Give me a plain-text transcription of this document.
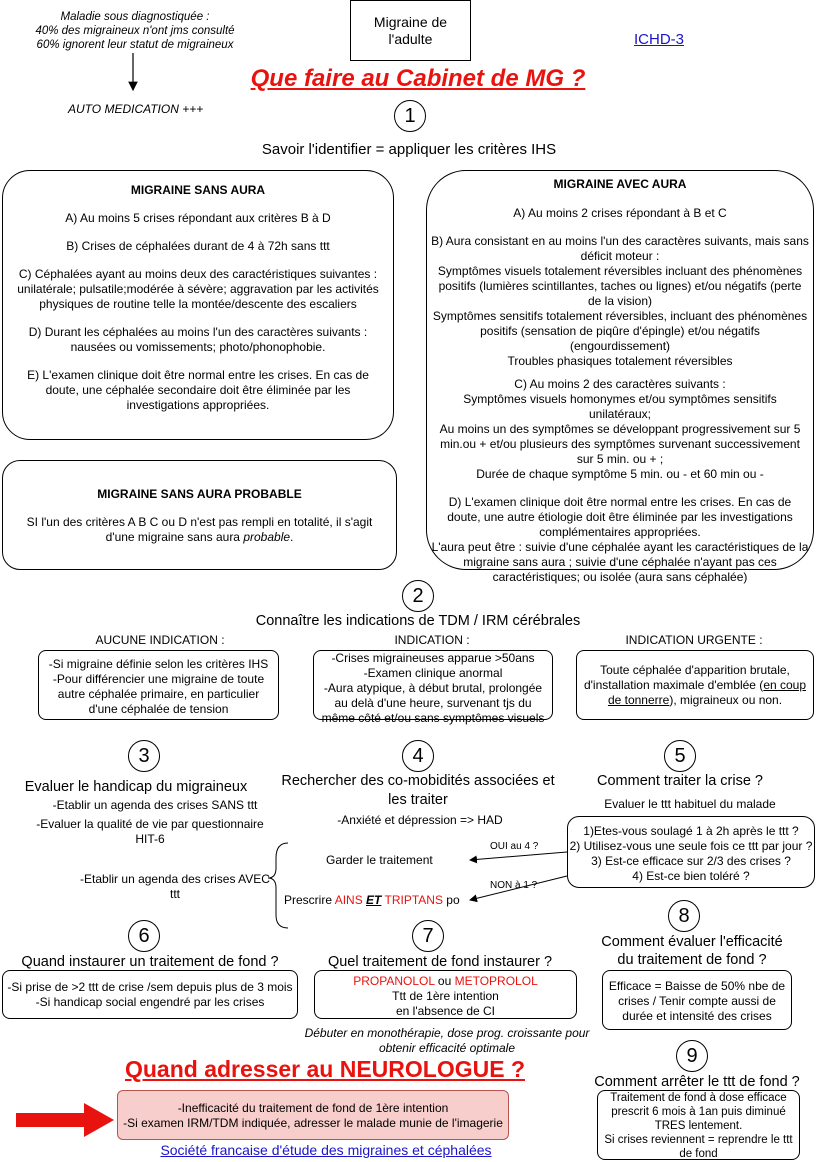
Maladie sous diagnostiquée :
40% des migraineux n'ont jms consulté
60% ignorent leur statut de migraineux
AUTO MEDICATION +++
Migraine de
l'adulte	ICHD-3
Que faire au Cabinet de MG ?
1
Savoir l'identifier = appliquer les critères IHS
MIGRAINE SANS AURA
A) Au moins 5 crises répondant aux critères B à D
B) Crises de céphalées durant de 4 à 72h sans ttt
C) Céphalées ayant au moins deux des caractéristiques suivantes : unilatérale; pulsatile;modérée à sévère; aggravation par les activités physiques de routine telle la montée/descente des escaliers
D) Durant les céphalées au moins l'un des caractères suivants : nausées ou vomissements; photo/phonophobie.
E) L'examen clinique doit être normal entre les crises. En cas de doute, une céphalée secondaire doit être éliminée par les investigations appropriées.
MIGRAINE SANS AURA PROBABLE
SI l'un des critères A B C ou D n'est pas rempli en totalité, il s'agit d'une migraine sans aura probable.
MIGRAINE AVEC AURA
A) Au moins 2 crises répondant à B et C
B) Aura consistant en au moins l'un des caractères suivants, mais sans déficit moteur :
Symptômes visuels totalement réversibles incluant des phénomènes positifs (lumières scintillantes, taches ou lignes) et/ou négatifs (perte de la vision)
Symptômes sensitifs totalement réversibles, incluant des phénomènes positifs (sensation de piqûre d'épingle) et/ou négatifs (engourdissement)
Troubles phasiques totalement réversibles
C) Au moins 2 des caractères suivants :
Symptômes visuels homonymes et/ou symptômes sensitifs unilatéraux;
Au moins un des symptômes se développant progressivement sur 5 min.ou + et/ou plusieurs des symptômes survenant successivement sur 5 min. ou + ;
Durée de chaque symptôme 5 min. ou - et 60 min ou -
D) L'examen clinique doit être normal entre les crises. En cas de doute, une autre étiologie doit être éliminée par les investigations complémentaires appropriées.
L'aura peut être : suivie d'une céphalée ayant les caractéristiques de la migraine sans aura ; suivie d'une céphalée n'ayant pas ces caractéristiques; ou isolée (aura sans céphalée)
2
Connaître les indications de TDM / IRM cérébrales
AUCUNE INDICATION :	INDICATION :	INDICATION URGENTE :
-Si migraine définie selon les critères IHS
-Pour différencier une migraine de toute autre céphalée primaire, en particulier d'une céphalée de tension
-Crises migraineuses apparue >50ans
-Examen clinique anormal
-Aura atypique, à début brutal, prolongée au delà d'une heure, survenant tjs du même côté et/ou sans symptômes visuels
Toute céphalée d'apparition brutale, d'installation maximale d'emblée (en coup de tonnerre), migraineux ou non.
3	4	5
Evaluer le handicap du migraineux
-Etablir un agenda des crises SANS ttt
-Evaluer la qualité de vie par questionnaire HIT-6
-Etablir un agenda des crises AVEC ttt
Rechercher des co-mobidités associées et les traiter
-Anxiété et dépression => HAD
Garder le traitement
Prescrire AINS ET TRIPTANS po
OUI au 4 ?
NON à 1 ?
Comment traiter la crise ?
Evaluer le ttt habituel du malade
1)Etes-vous soulagé 1 à 2h après le ttt ?
2) Utilisez-vous une seule fois ce ttt par jour ?
3) Est-ce efficace sur 2/3 des crises ?
4) Est-ce bien toléré ?
6	7
8
Quand instaurer un traitement de fond ?
-Si prise de >2 ttt de crise /sem depuis plus de 3 mois
-Si handicap social engendré par les crises
Quel traitement de fond instaurer ?
PROPANOLOL ou METOPROLOL
Ttt de 1ère intention
en l'absence de CI
Débuter en monothérapie, dose prog. croissante pour obtenir efficacité optimale
Comment évaluer l'efficacité
du traitement de fond ?
Efficace = Baisse de 50% nbe de crises / Tenir compte aussi de durée et intensité des crises
9
Comment arrêter le ttt de fond ?
Traitement de fond à dose efficace prescrit 6 mois à 1an puis diminué TRES lentement.
Si crises reviennent = reprendre le ttt de fond
Quand adresser au NEUROLOGUE ?
-Inefficacité du traitement de fond de 1ère intention
-Si examen IRM/TDM indiquée, adresser le malade munie de l'imagerie
Société francaise d'étude des migraines et céphalées
